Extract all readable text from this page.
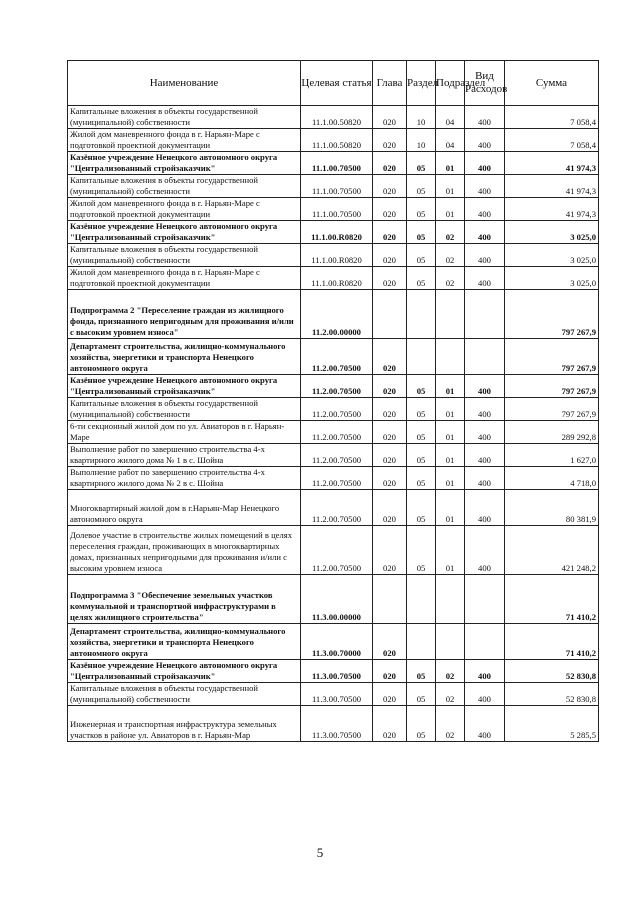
Наименование	Целевая статья	Глава	Раздел	Подраздел	Вид Расходов	Сумма
Капитальные вложения в объекты государственной (муниципальной) собственности	11.1.00.50820	020	10	04	400	7 058,4
Жилой дом маневренного фонда в г. Нарьян-Маре с подготовкой проектной документации	11.1.00.50820	020	10	04	400	7 058,4
Казённое учреждение Ненецкого автономного округа "Централизованный стройзаказчик"	11.1.00.70500	020	05	01	400	41 974,3
Капитальные вложения в объекты государственной (муниципальной) собственности	11.1.00.70500	020	05	01	400	41 974,3
Жилой дом маневренного фонда в г. Нарьян-Маре с подготовкой проектной документации	11.1.00.70500	020	05	01	400	41 974,3
Казённое учреждение Ненецкого автономного округа "Централизованный стройзаказчик"	11.1.00.R0820	020	05	02	400	3 025,0
Капитальные вложения в объекты государственной (муниципальной) собственности	11.1.00.R0820	020	05	02	400	3 025,0
Жилой дом маневренного фонда в г. Нарьян-Маре с подготовкой проектной документации	11.1.00.R0820	020	05	02	400	3 025,0
Подпрограмма 2 "Переселение граждан из жилищного фонда, признанного непригодным для проживания и/или с высоким уровнем износа"	11.2.00.00000					797 267,9
Департамент строительства, жилищно-коммунального хозяйства, энергетики и транспорта Ненецкого автономного округа	11.2.00.70500	020				797 267,9
Казённое учреждение Ненецкого автономного округа "Централизованный стройзаказчик"	11.2.00.70500	020	05	01	400	797 267,9
Капитальные вложения в объекты государственной (муниципальной) собственности	11.2.00.70500	020	05	01	400	797 267,9
6-ти секционный жилой дом по ул. Авиаторов в г. Нарьян-Маре	11.2.00.70500	020	05	01	400	289 292,8
Выполнение работ по завершению строительства 4-х квартирного жилого дома № 1 в с. Шойна	11.2.00.70500	020	05	01	400	1 627,0
Выполнение работ по завершению строительства 4-х квартирного жилого дома № 2 в с. Шойна	11.2.00.70500	020	05	01	400	4 718,0
Многоквартирный жилой дом в г.Нарьян-Мар Ненецкого автономного округа	11.2.00.70500	020	05	01	400	80 381,9
Долевое участие в строительстве жилых помещений в целях переселения граждан, проживающих в многоквартирных домах, признанных непригодными для проживания и/или с высоким уровнем износа	11.2.00.70500	020	05	01	400	421 248,2
Подпрограмма 3 "Обеспечение земельных участков коммунальной и транспортной инфраструктурами в целях жилищного строительства"	11.3.00.00000					71 410,2
Департамент строительства, жилищно-коммунального хозяйства, энергетики и транспорта Ненецкого автономного округа	11.3.00.70000	020				71 410,2
Казённое учреждение Ненецкого автономного округа "Централизованный стройзаказчик"	11.3.00.70500	020	05	02	400	52 830,8
Капитальные вложения в объекты государственной (муниципальной) собственности	11.3.00.70500	020	05	02	400	52 830,8
Инженерная и транспортная инфраструктура земельных участков в районе ул. Авиаторов в г. Нарьян-Мар	11.3.00.70500	020	05	02	400	5 285,5
5
